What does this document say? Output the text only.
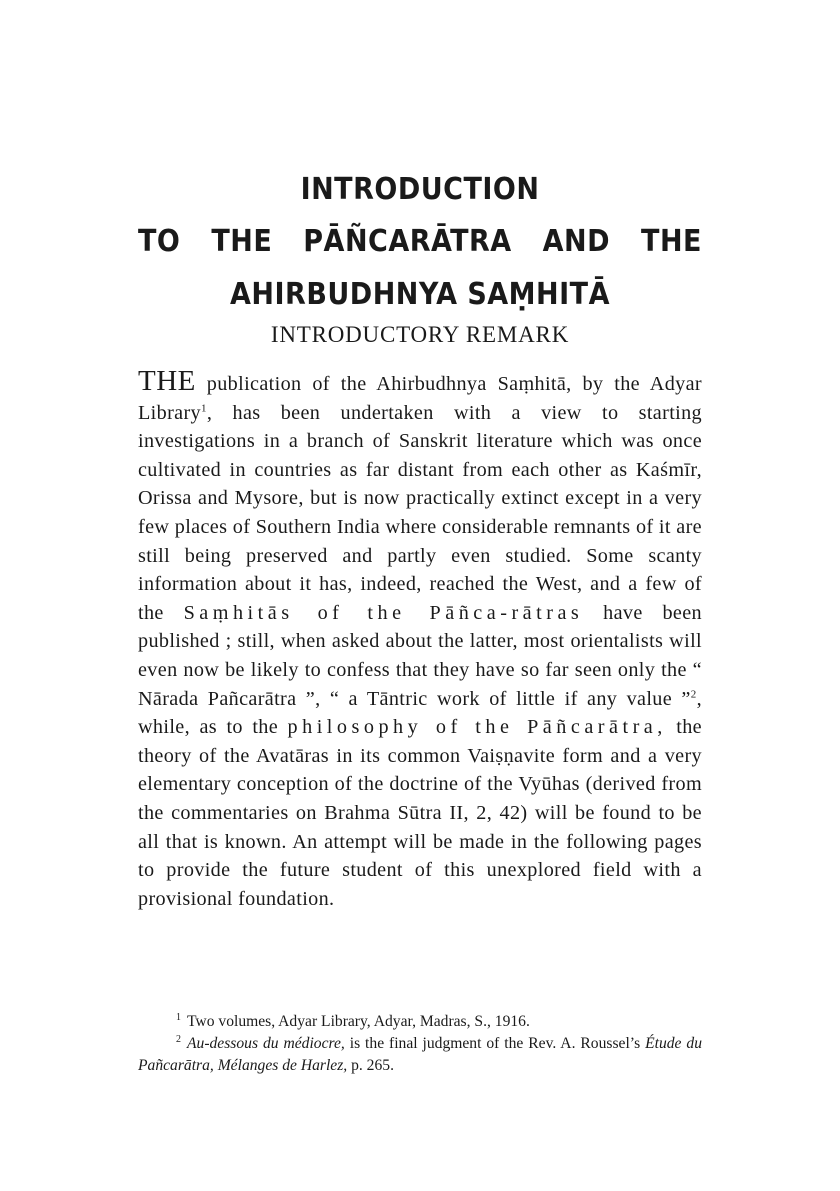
INTRODUCTION
TO THE PĀÑCARĀTRA AND THE
AHIRBUDHNYA SAṂHITĀ
INTRODUCTORY REMARK

THE publication of the Ahirbudhnya Saṃhitā, by the Adyar Library$^1$, has been undertaken with a view to starting investigations in a branch of Sanskrit literature which was once cultivated in countries as far distant from each other as Kaśmīr, Orissa and Mysore, but is now practically extinct except in a very few places of Southern India where considerable remnants of it are still being preserved and partly even studied. Some scanty information about it has, indeed, reached the West, and a few of the Saṃhitās of the Pāñca-rātras have been published ; still, when asked about the latter, most orientalists will even now be likely to confess that they have so far seen only the “ Nārada Pañcarātra ”, “ a Tāntric work of little if any value ”$^2$, while, as to the philosophy of the Pāñcarātra, the theory of the Avatāras in its common Vaiṣṇavite form and a very elementary conception of the doctrine of the Vyūhas (derived from the commentaries on Brahma Sūtra II, 2, 42) will be found to be all that is known. An attempt will be made in the following pages to provide the future student of this unexplored field with a provisional foundation.

$^1$ Two volumes, Adyar Library, Adyar, Madras, S., 1916.

$^2$ Au-dessous du médiocre, is the final judgment of the Rev. A. Roussel’s Étude du Pañcarātra, Mélanges de Harlez, p. 265.
